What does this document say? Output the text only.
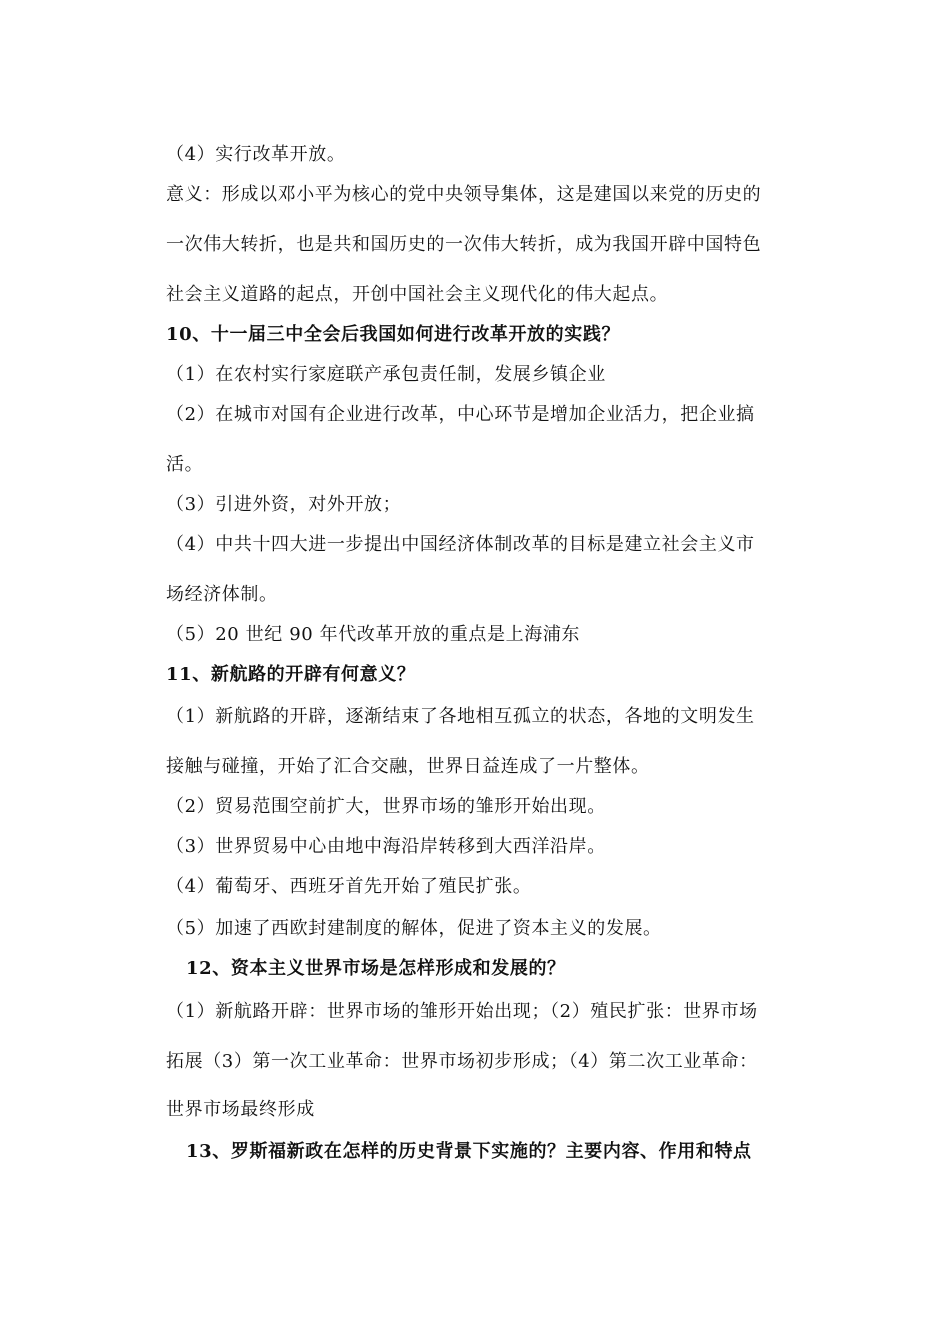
（4）实行改革开放。
意义：形成以邓小平为核心的党中央领导集体，这是建国以来党的历史的
一次伟大转折，也是共和国历史的一次伟大转折，成为我国开辟中国特色
社会主义道路的起点，开创中国社会主义现代化的伟大起点。
10、十一届三中全会后我国如何进行改革开放的实践？
（1）在农村实行家庭联产承包责任制，发展乡镇企业
（2）在城市对国有企业进行改革，中心环节是增加企业活力，把企业搞
活。
（3）引进外资，对外开放；
（4）中共十四大进一步提出中国经济体制改革的目标是建立社会主义市
场经济体制。
（5）20 世纪 90 年代改革开放的重点是上海浦东
11、新航路的开辟有何意义？
（1）新航路的开辟，逐渐结束了各地相互孤立的状态，各地的文明发生
接触与碰撞，开始了汇合交融，世界日益连成了一片整体。
（2）贸易范围空前扩大，世界市场的雏形开始出现。
（3）世界贸易中心由地中海沿岸转移到大西洋沿岸。
（4）葡萄牙、西班牙首先开始了殖民扩张。
（5）加速了西欧封建制度的解体，促进了资本主义的发展。
12、资本主义世界市场是怎样形成和发展的？
（1）新航路开辟：世界市场的雏形开始出现；（2）殖民扩张：世界市场
拓展（3）第一次工业革命：世界市场初步形成；（4）第二次工业革命：
世界市场最终形成
13、罗斯福新政在怎样的历史背景下实施的？主要内容、作用和特点
